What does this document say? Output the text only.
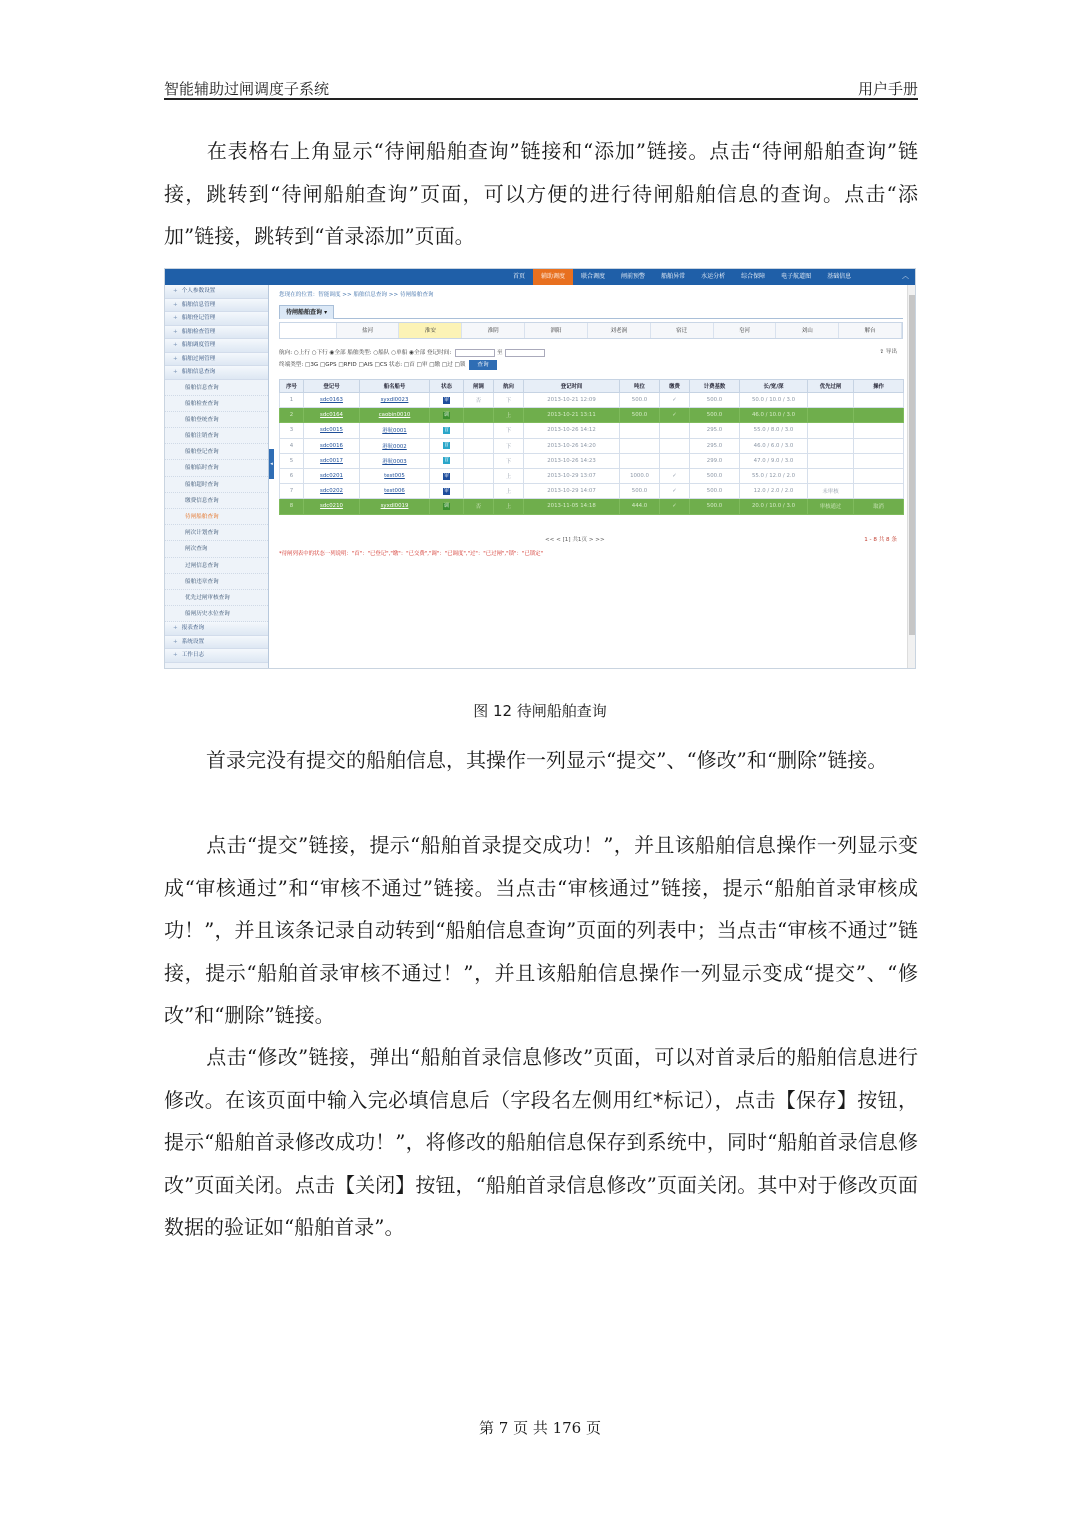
智能辅助过闸调度子系统	用户手册
在表格右上角显示“待闸船舶查询”链接和“添加”链接。点击“待闸船舶查询”链接，跳转到“待闸船舶查询”页面，可以方便的进行待闸船舶信息的查询。点击“添加”链接，跳转到“首录添加”页面。
首页	辅助调度	联合调度	闸前预警	船舶异常	水运分析	综合保障	电子航道图	基础信息	︿
+ 个人参数设置
+ 船舶信息管理
+ 船舶登记管理
+ 船舶检查管理
+ 船舶调度管理
+ 船舶过闸管理
+ 船舶信息查询
船舶信息查询
船舶检查查询
船舶登统查询
船舶注销查询
船舶登记查询
船舶临时查询
船舶超时查询
缴费信息查询
待闸船舶查询
闸次计划查询
闸次查询
过闸信息查询
船舶违章查询
优先过闸审核查询
船闸历史水位查询
+ 报表查询
+ 系统设置
+ 工作日志
◂
您现在的位置：智能调度 >> 船舶信息查询 >> 待闸船舶查询
待闸船舶查询 ▾
盐河	淮安	淮阴	泗阳	刘老涧	宿迁	皂河	刘山	解台
航向: ○上行 ○下行 ◉全部 船舶类型: ○船队 ○单船 ◉全部 登记时间:	至
终端类型: □3G □GPS □RFID □AIS □CS 状态: □首 □审 □缴 □过 □锁 查询
⇪ 导出
序号	登记号	船名船号	状态	闸调	航向	登记时间	吨位	缴费	计费基数	长/宽/深	优先过闸	操作
1	sdc0163	syxdl0023	审	否	下	2013-10-21 12:09	500.0	✓	500.0	50.0 / 10.0 / 3.0		
2	sdc0164	caobin0010	调		上	2013-10-21 13:11	500.0	✓	500.0	46.0 / 10.0 / 3.0		
3	sdc0015	港航0001	首		下	2013-10-26 14:12			295.0	55.0 / 8.0 / 3.0		
4	sdc0016	港航0002	首		下	2013-10-26 14:20			295.0	46.0 / 6.0 / 3.0		
5	sdc0017	港航0003	首		下	2013-10-26 14:23			299.0	47.0 / 9.0 / 3.0		
6	sdc0201	test005	审		上	2013-10-29 13:07	1000.0	✓	500.0	55.0 / 12.0 / 2.0		
7	sdc0202	test006	审		上	2013-10-29 14:07	500.0	✓	500.0	12.0 / 2.0 / 2.0	未审核	
8	sdc0210	syxdl0019	调	否	上	2013-11-05 14:18	444.0	✓	500.0	20.0 / 10.0 / 3.0	审核通过	取消
<< < [1] 共1页 > >>	1 - 8 共 8 条
*待闸列表中的状态一列说明："首"："已登记","缴"："已交费","调"："已调度","过"："已过闸","锁"："已锁定"
图 12 待闸船舶查询
首录完没有提交的船舶信息，其操作一列显示“提交”、“修改”和“删除”链接。
点击“提交”链接，提示“船舶首录提交成功！”，并且该船舶信息操作一列显示变成“审核通过”和“审核不通过”链接。当点击“审核通过”链接，提示“船舶首录审核成功！”，并且该条记录自动转到“船舶信息查询”页面的列表中；当点击“审核不通过”链接，提示“船舶首录审核不通过！”，并且该船舶信息操作一列显示变成“提交”、“修改”和“删除”链接。
点击“修改”链接，弹出“船舶首录信息修改”页面，可以对首录后的船舶信息进行修改。在该页面中输入完必填信息后（字段名左侧用红*标记），点击【保存】按钮，提示“船舶首录修改成功！”，将修改的船舶信息保存到系统中，同时“船舶首录信息修改”页面关闭。点击【关闭】按钮，“船舶首录信息修改”页面关闭。其中对于修改页面数据的验证如“船舶首录”。
第 7 页 共 176 页
